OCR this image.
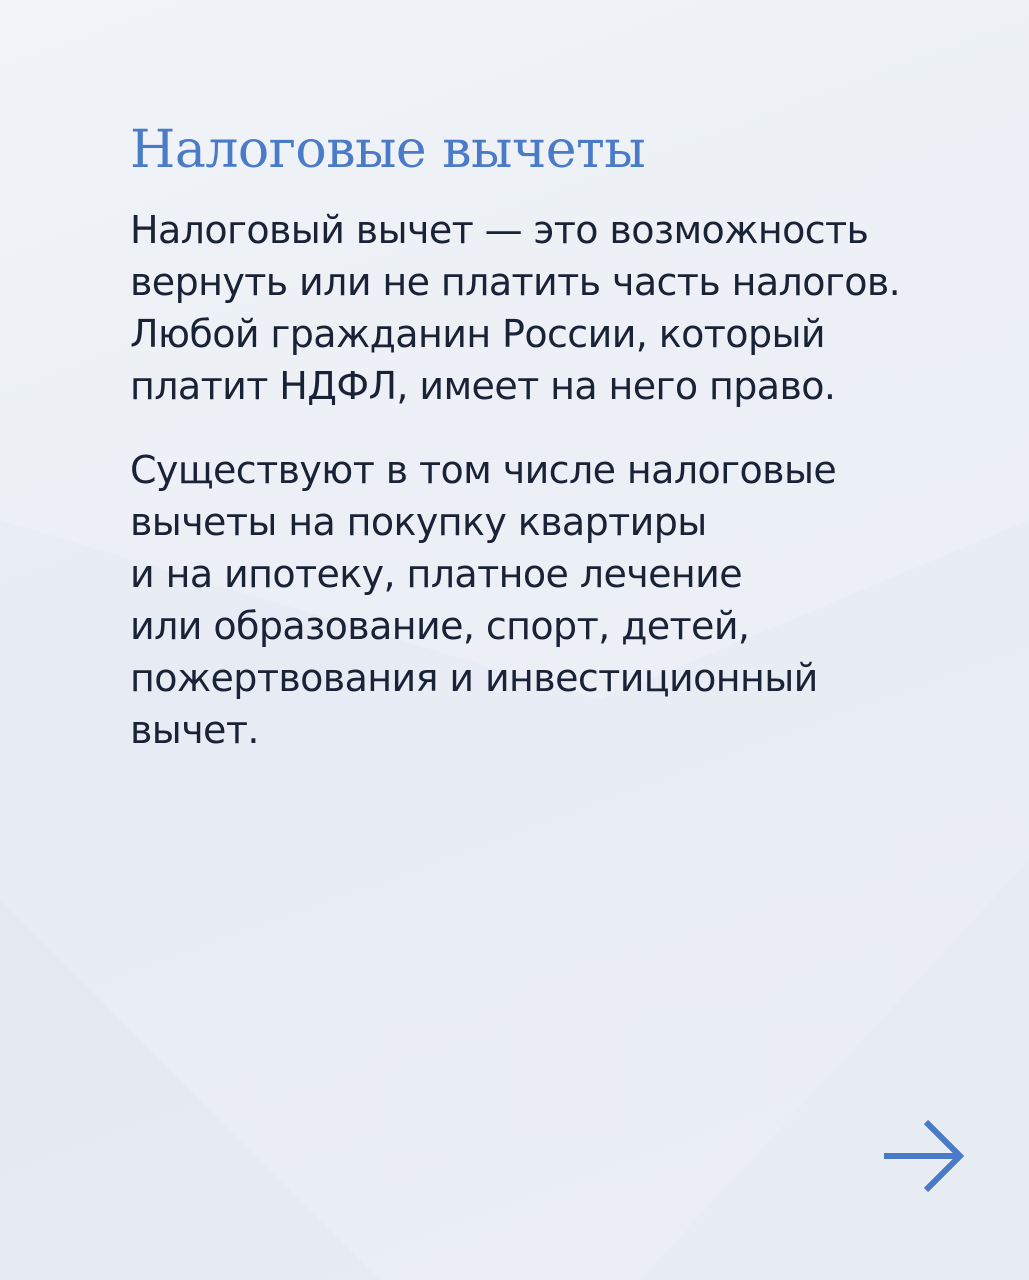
Налоговые вычеты

Налоговый вычет — это возможность
вернуть или не платить часть налогов.
Любой гражданин России, который
платит НДФЛ, имеет на него право.

Существуют в том числе налоговые
вычеты на покупку квартиры
и на ипотеку, платное лечение
или образование, спорт, детей,
пожертвования и инвестиционный
вычет.
